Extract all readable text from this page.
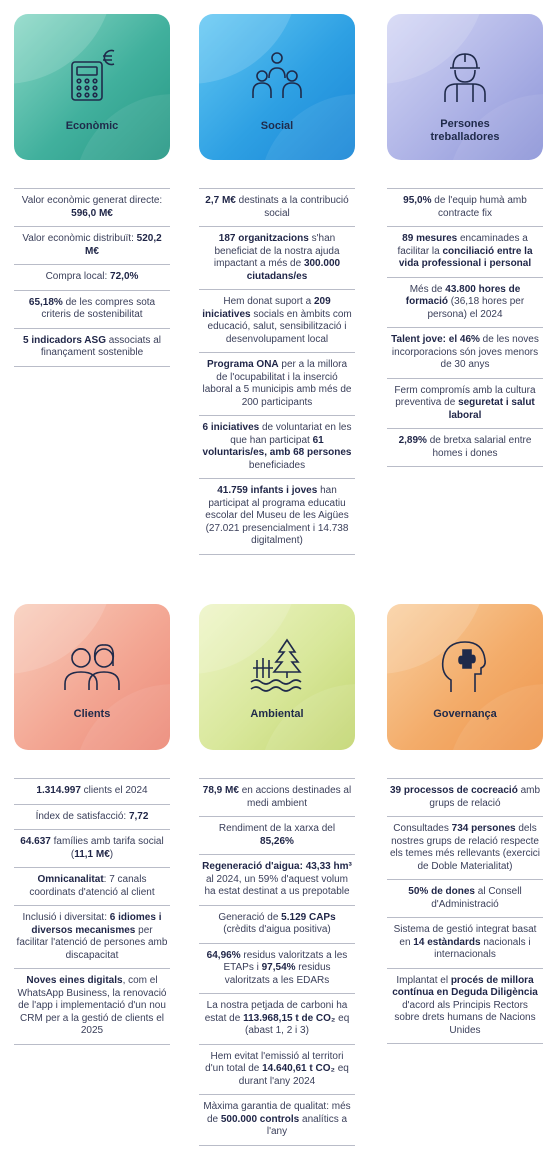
Econòmic
Valor econòmic generat directe: 596,0 M€
Valor econòmic distribuït: 520,2 M€
Compra local: 72,0%
65,18% de les compres sota criteris de sostenibilitat
5 indicadors ASG associats al finançament sostenible
Social
2,7 M€ destinats a la contribució social
187 organitzacions s'han beneficiat de la nostra ajuda impactant a més de 300.000 ciutadans/es
Hem donat suport a 209 iniciatives socials en àmbits com educació, salut, sensibilització i desenvolupament local
Programa ONA per a la millora de l'ocupabilitat i la inserció laboral a 5 municipis amb més de 200 participants
6 iniciatives de voluntariat en les que han participat 61 voluntaris/es, amb 68 persones beneficiades
41.759 infants i joves han participat al programa educatiu escolar del Museu de les Aigües (27.021 presencialment i 14.738 digitalment)
Persones treballadores
95,0% de l'equip humà amb contracte fix
89 mesures encaminades a facilitar la conciliació entre la vida professional i personal
Més de 43.800 hores de formació (36,18 hores per persona) el 2024
Talent jove: el 46% de les noves incorporacions són joves menors de 30 anys
Ferm compromís amb la cultura preventiva de seguretat i salut laboral
2,89% de bretxa salarial entre homes i dones
Clients
1.314.997 clients el 2024
Índex de satisfacció: 7,72
64.637 famílies amb tarifa social (11,1 M€)
Omnicanalitat: 7 canals coordinats d'atenció al client
Inclusió i diversitat: 6 idiomes i diversos mecanismes per facilitar l'atenció de persones amb discapacitat
Noves eines digitals, com el WhatsApp Business, la renovació de l'app i implementació d'un nou CRM per a la gestió de clients el 2025
Ambiental
78,9 M€ en accions destinades al medi ambient
Rendiment de la xarxa del 85,26%
Regeneració d'aigua: 43,33 hm³ al 2024, un 59% d'aquest volum ha estat destinat a us prepotable
Generació de 5.129 CAPs (crèdits d'aigua positiva)
64,96% residus valoritzats a les ETAPs i 97,54% residus valoritzats a les EDARs
La nostra petjada de carboni ha estat de 113.968,15 t de CO₂ eq (abast 1, 2 i 3)
Hem evitat l'emissió al territori d'un total de 14.640,61 t CO₂ eq durant l'any 2024
Màxima garantia de qualitat: més de 500.000 controls analítics a l'any
Governança
39 processos de cocreació amb grups de relació
Consultades 734 persones dels nostres grups de relació respecte els temes més rellevants (exercici de Doble Materialitat)
50% de dones al Consell d'Administració
Sistema de gestió integrat basat en 14 estàndards nacionals i internacionals
Implantat el procés de millora contínua en Deguda Diligència d'acord als Principis Rectors sobre drets humans de Nacions Unides
